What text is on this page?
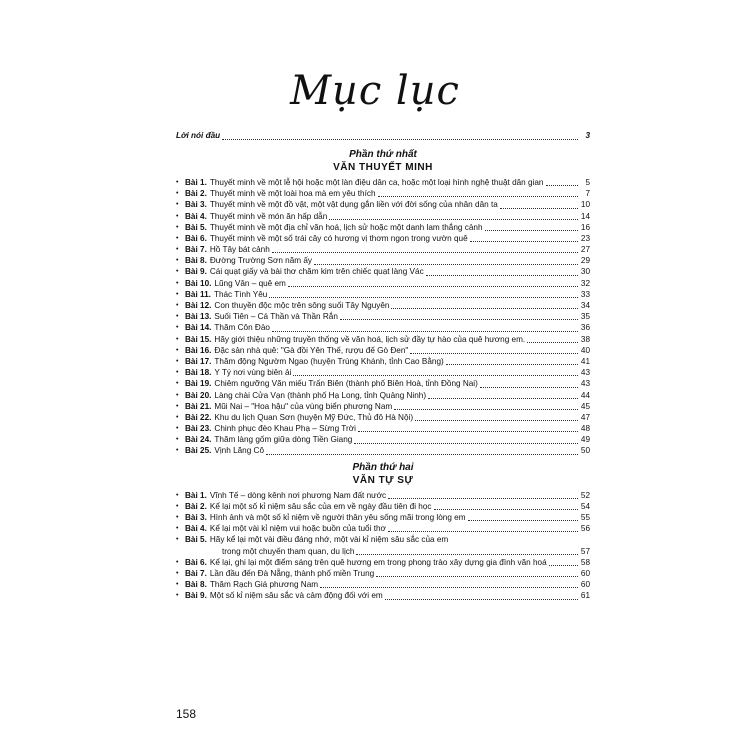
Mục lục
Lời nói đầu	3
Phần thứ nhất
VĂN THUYẾT MINH
• Bài 1. Thuyết minh về một lễ hội hoặc một làn điệu dân ca, hoặc một loại hình nghệ thuật dân gian	5
• Bài 2. Thuyết minh về một loài hoa mà em yêu thích	7
• Bài 3. Thuyết minh về một đồ vật, một vật dụng gắn liền với đời sống của nhân dân ta	10
• Bài 4. Thuyết minh về món ăn hấp dẫn	14
• Bài 5. Thuyết minh về một địa chỉ văn hoá, lịch sử hoặc một danh lam thắng cảnh	16
• Bài 6. Thuyết minh về một số trái cây có hương vị thơm ngon trong vườn quê	23
• Bài 7. Hồ Tây bát cảnh	27
• Bài 8. Đường Trường Sơn năm ấy	29
• Bài 9. Cái quạt giấy và bài thơ chăm kim trên chiếc quạt làng Vác	30
• Bài 10. Lũng Vân – quê em	32
• Bài 11. Thác Tình Yêu	33
• Bài 12. Con thuyền độc mộc trên sông suối Tây Nguyên	34
• Bài 13. Suối Tiên – Cá Thần và Thần Rắn	35
• Bài 14. Thăm Côn Đảo	36
• Bài 15. Hãy giới thiệu những truyền thống về văn hoá, lịch sử đầy tự hào của quê hương em.	38
• Bài 16. Đặc sản nhà quê: "Gà đồi Yên Thế, rượu đế Gò Đen"	40
• Bài 17. Thăm động Ngườm Ngao (huyện Trùng Khánh, tỉnh Cao Bằng)	41
• Bài 18. Y Tý nơi vùng biên ải	43
• Bài 19. Chiêm ngưỡng Văn miếu Trấn Biên (thành phố Biên Hoà, tỉnh Đồng Nai)	43
• Bài 20. Làng chài Cửa Vạn (thành phố Hạ Long, tỉnh Quảng Ninh)	44
• Bài 21. Mũi Nai – "Hoa hậu" của vùng biển phương Nam	45
• Bài 22. Khu du lịch Quan Sơn (huyện Mỹ Đức, Thủ đô Hà Nội)	47
• Bài 23. Chinh phục đèo Khau Phạ – Sừng Trời	48
• Bài 24. Thăm làng gốm giữa dòng Tiền Giang	49
• Bài 25. Vịnh Lăng Cô	50
Phần thứ hai
VĂN TỰ SỰ
• Bài 1. Vĩnh Tế – dòng kênh nơi phương Nam đất nước	52
• Bài 2. Kể lại một số kỉ niệm sâu sắc của em về ngày đầu tiên đi học	54
• Bài 3. Hình ảnh và một số kỉ niệm về người thân yêu sống mãi trong lòng em	55
• Bài 4. Kể lại một vài kỉ niệm vui hoặc buồn của tuổi thơ	56
• Bài 5. Hãy kể lại một vài điều đáng nhớ, một vài kỉ niệm sâu sắc của em
trong một chuyến tham quan, du lịch	57
• Bài 6. Kể lại, ghi lại một điểm sáng trên quê hương em trong phong trào xây dựng gia đình văn hoá	58
• Bài 7. Lần đầu đến Đà Nẵng, thành phố miền Trung	60
• Bài 8. Thăm Rạch Giá phương Nam	60
• Bài 9. Một số kỉ niệm sâu sắc và cảm động đối với em	61
158
